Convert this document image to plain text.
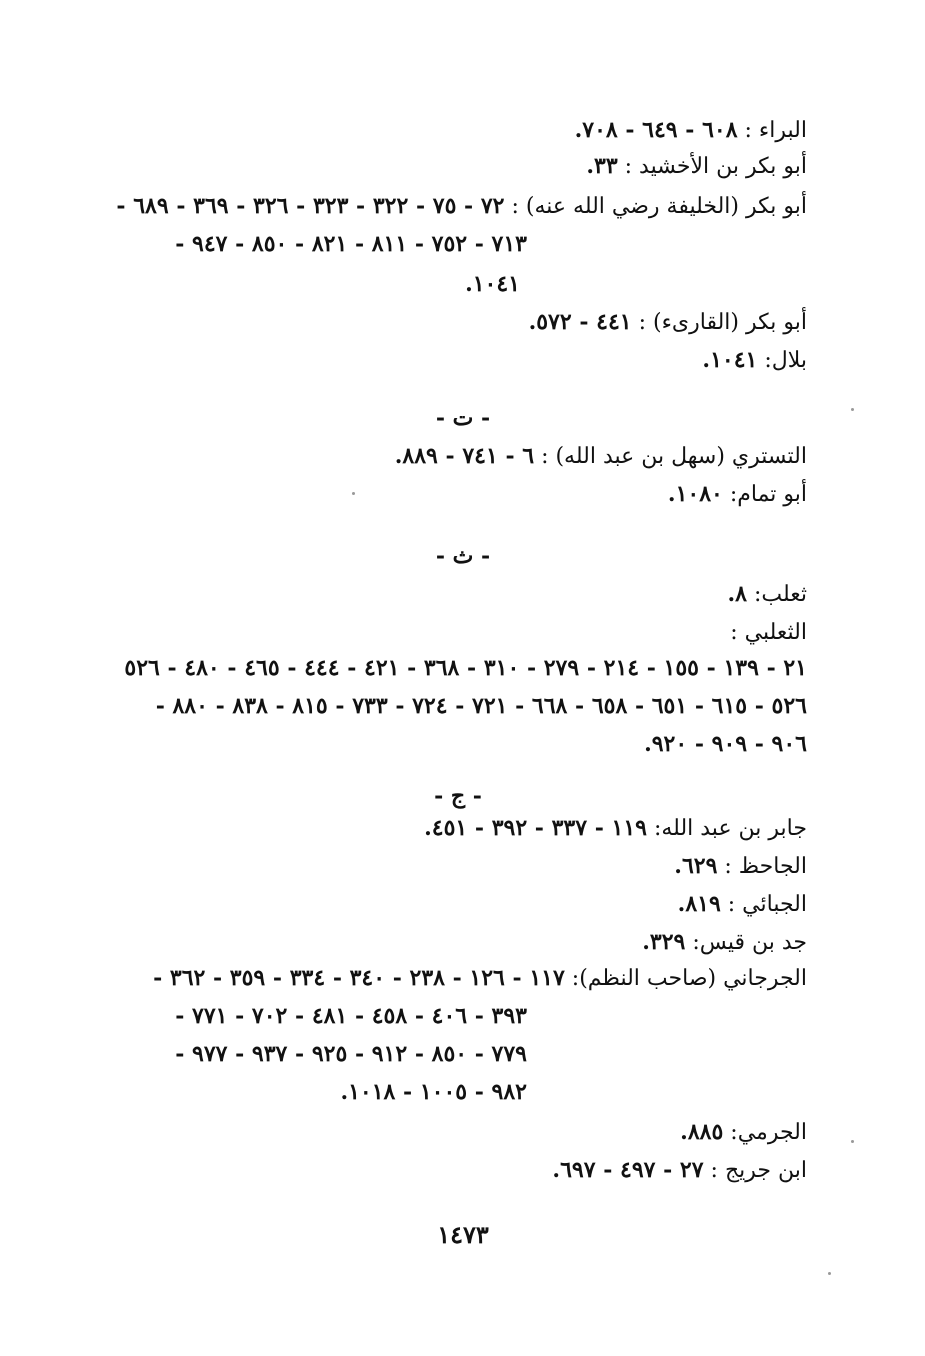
البراء : ٦٠٨ - ٦٤٩ - ٧٠٨.
أبو بكر بن الأخشيد : ٣٣.
أبو بكر (الخليفة رضي الله عنه) : ٧٢ - ٧٥ - ٣٢٢ - ٣٢٣ - ٣٢٦ - ٣٦٩ - ٦٨٩ -
٧١٣ - ٧٥٢ - ٨١١ - ٨٢١ - ٨٥٠ - ٩٤٧ -
١٠٤١.
أبو بكر (القارىء) : ٤٤١ - ٥٧٢.
بلال: ١٠٤١.
- ت -
التستري (سهل بن عبد الله) : ٦ - ٧٤١ - ٨٨٩.
أبو تمام: ١٠٨٠.
- ث -
ثعلب: ٨.
الثعلبي :
٢١ - ١٣٩ - ١٥٥ - ٢١٤ - ٢٧٩ - ٣١٠ - ٣٦٨ - ٤٢١ - ٤٤٤ - ٤٦٥ - ٤٨٠ - ٥٢٦
٥٢٦ - ٦١٥ - ٦٥١ - ٦٥٨ - ٦٦٨ - ٧٢١ - ٧٢٤ - ٧٣٣ - ٨١٥ - ٨٣٨ - ٨٨٠ -
٩٠٦ - ٩٠٩ - ٩٢٠.
- ج -
جابر بن عبد الله: ١١٩ - ٣٣٧ - ٣٩٢ - ٤٥١.
الجاحظ : ٦٢٩.
الجبائي : ٨١٩.
جد بن قيس: ٣٢٩.
الجرجاني (صاحب النظم): ١١٧ - ١٢٦ - ٢٣٨ - ٣٤٠ - ٣٣٤ - ٣٥٩ - ٣٦٢ -
٣٩٣ - ٤٠٦ - ٤٥٨ - ٤٨١ - ٧٠٢ - ٧٧١ -
٧٧٩ - ٨٥٠ - ٩١٢ - ٩٢٥ - ٩٣٧ - ٩٧٧ -
٩٨٢ - ١٠٠٥ - ١٠١٨.
الجرمي: ٨٨٥.
ابن جريج : ٢٧ - ٤٩٧ - ٦٩٧.
١٤٧٣
